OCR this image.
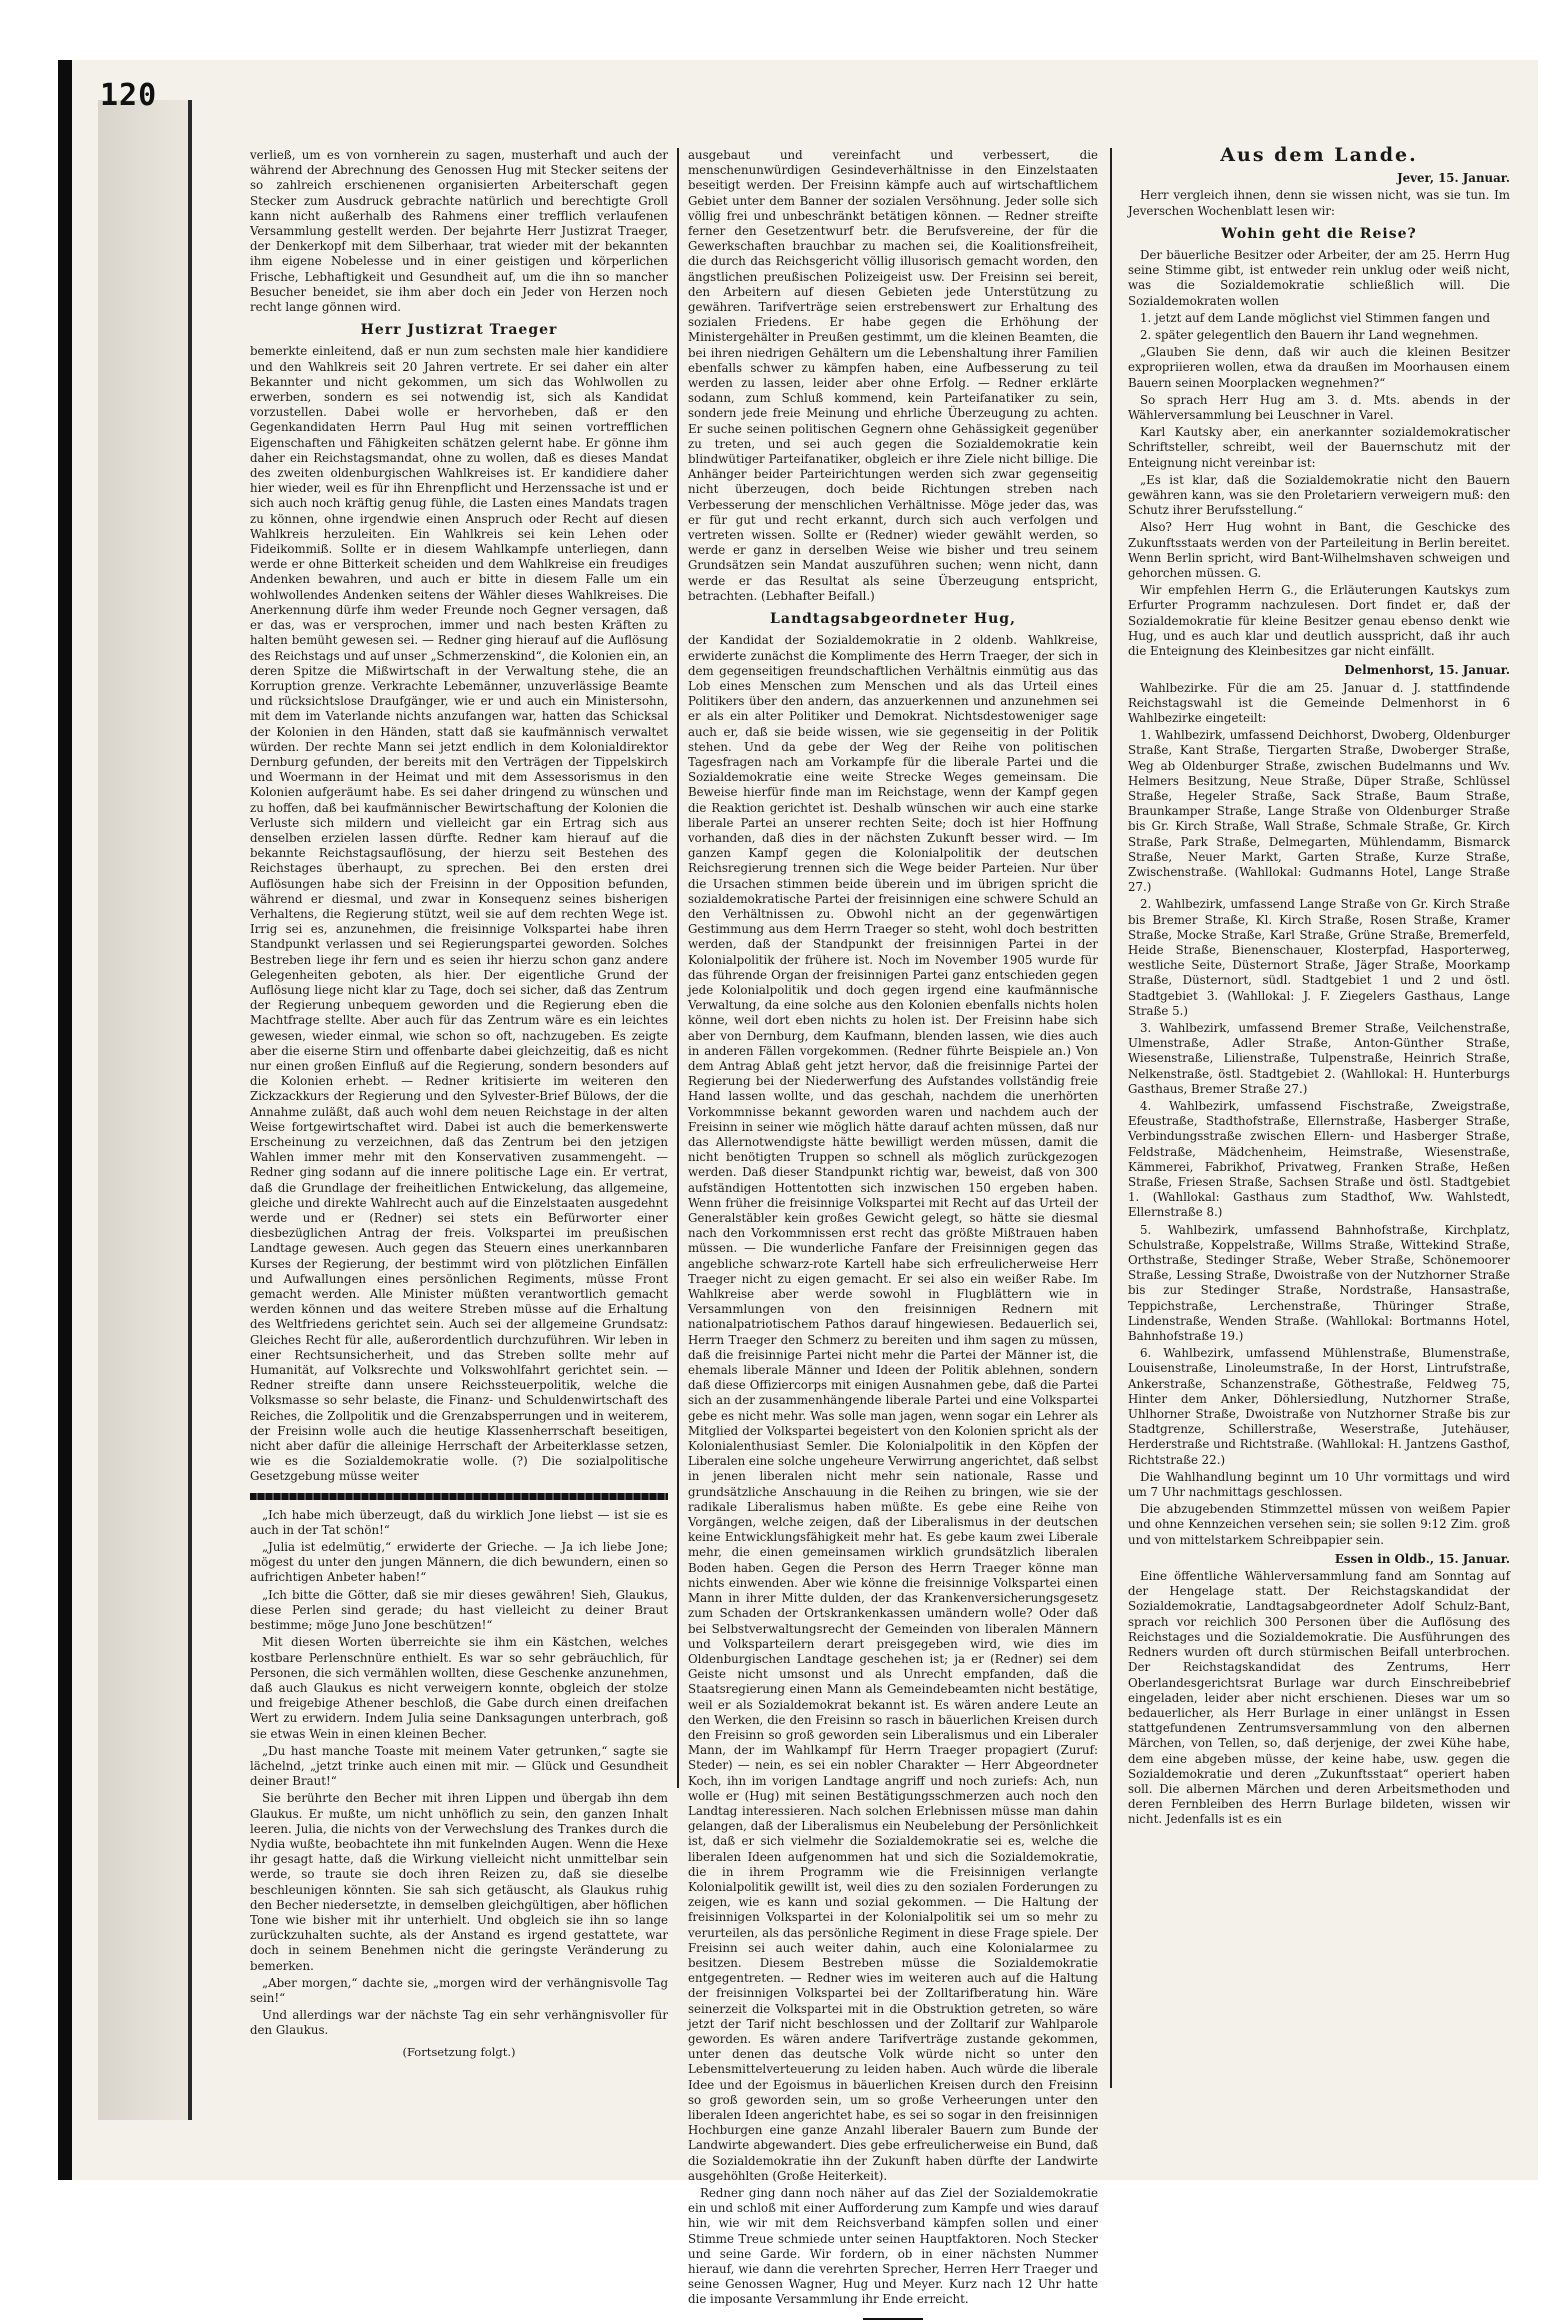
120

verließ, um es von vornherein zu sagen, musterhaft und auch der während der Abrechnung des Genossen Hug mit Stecker seitens der so zahlreich erschienenen organisierten Arbeiterschaft gegen Stecker zum Ausdruck gebrachte natürlich und berechtigte Groll kann nicht außerhalb des Rahmens einer trefflich verlaufenen Versammlung gestellt werden. Der bejahrte Herr Justizrat Traeger, der Denkerkopf mit dem Silberhaar, trat wieder mit der bekannten ihm eigene Nobelesse und in einer geistigen und körperlichen Frische, Lebhaftigkeit und Gesundheit auf, um die ihn so mancher Besucher beneidet, sie ihm aber doch ein Jeder von Herzen noch recht lange gönnen wird.

Herr Justizrat Traeger

bemerkte einleitend, daß er nun zum sechsten male hier kandidiere und den Wahlkreis seit 20 Jahren vertrete. Er sei daher ein alter Bekannter und nicht gekommen, um sich das Wohlwollen zu erwerben, sondern es sei notwendig ist, sich als Kandidat vorzustellen. Dabei wolle er hervorheben, daß er den Gegenkandidaten Herrn Paul Hug mit seinen vortrefflichen Eigenschaften und Fähigkeiten schätzen gelernt habe. Er gönne ihm daher ein Reichstagsmandat, ohne zu wollen, daß es dieses Mandat des zweiten oldenburgischen Wahlkreises ist. Er kandidiere daher hier wieder, weil es für ihn Ehrenpflicht und Herzenssache ist und er sich auch noch kräftig genug fühle, die Lasten eines Mandats tragen zu können, ohne irgendwie einen Anspruch oder Recht auf diesen Wahlkreis herzuleiten. Ein Wahlkreis sei kein Lehen oder Fideikommiß. Sollte er in diesem Wahlkampfe unterliegen, dann werde er ohne Bitterkeit scheiden und dem Wahlkreise ein freudiges Andenken bewahren, und auch er bitte in diesem Falle um ein wohlwollendes Andenken seitens der Wähler dieses Wahlkreises. Die Anerkennung dürfe ihm weder Freunde noch Gegner versagen, daß er das, was er versprochen, immer und nach besten Kräften zu halten bemüht gewesen sei. — Redner ging hierauf auf die Auflösung des Reichstags und auf unser „Schmerzenskind“, die Kolonien ein, an deren Spitze die Mißwirtschaft in der Verwaltung stehe, die an Korruption grenze. Verkrachte Lebemänner, unzuverlässige Beamte und rücksichtslose Draufgänger, wie er und auch ein Ministersohn, mit dem im Vaterlande nichts anzufangen war, hatten das Schicksal der Kolonien in den Händen, statt daß sie kaufmännisch verwaltet würden. Der rechte Mann sei jetzt endlich in dem Kolonialdirektor Dernburg gefunden, der bereits mit den Verträgen der Tippelskirch und Woermann in der Heimat und mit dem Assessorismus in den Kolonien aufgeräumt habe. Es sei daher dringend zu wünschen und zu hoffen, daß bei kaufmännischer Bewirtschaftung der Kolonien die Verluste sich mildern und vielleicht gar ein Ertrag sich aus denselben erzielen lassen dürfte. Redner kam hierauf auf die bekannte Reichstagsauflösung, der hierzu seit Bestehen des Reichstages überhaupt, zu sprechen. Bei den ersten drei Auflösungen habe sich der Freisinn in der Opposition befunden, während er diesmal, und zwar in Konsequenz seines bisherigen Verhaltens, die Regierung stützt, weil sie auf dem rechten Wege ist. Irrig sei es, anzunehmen, die freisinnige Volkspartei habe ihren Standpunkt verlassen und sei Regierungspartei geworden. Solches Bestreben liege ihr fern und es seien ihr hierzu schon ganz andere Gelegenheiten geboten, als hier. Der eigentliche Grund der Auflösung liege nicht klar zu Tage, doch sei sicher, daß das Zentrum der Regierung unbequem geworden und die Regierung eben die Machtfrage stellte. Aber auch für das Zentrum wäre es ein leichtes gewesen, wieder einmal, wie schon so oft, nachzugeben. Es zeigte aber die eiserne Stirn und offenbarte dabei gleichzeitig, daß es nicht nur einen großen Einfluß auf die Regierung, sondern besonders auf die Kolonien erhebt. — Redner kritisierte im weiteren den Zickzackkurs der Regierung und den Sylvester-Brief Bülows, der die Annahme zuläßt, daß auch wohl dem neuen Reichstage in der alten Weise fortgewirtschaftet wird. Dabei ist auch die bemerkenswerte Erscheinung zu verzeichnen, daß das Zentrum bei den jetzigen Wahlen immer mehr mit den Konservativen zusammengeht. — Redner ging sodann auf die innere politische Lage ein. Er vertrat, daß die Grundlage der freiheitlichen Entwickelung, das allgemeine, gleiche und direkte Wahlrecht auch auf die Einzelstaaten ausgedehnt werde und er (Redner) sei stets ein Befürworter einer diesbezüglichen Antrag der freis. Volkspartei im preußischen Landtage gewesen. Auch gegen das Steuern eines unerkannbaren Kurses der Regierung, der bestimmt wird von plötzlichen Einfällen und Aufwallungen eines persönlichen Regiments, müsse Front gemacht werden. Alle Minister müßten verantwortlich gemacht werden können und das weitere Streben müsse auf die Erhaltung des Weltfriedens gerichtet sein. Auch sei der allgemeine Grundsatz: Gleiches Recht für alle, außerordentlich durchzuführen. Wir leben in einer Rechtsunsicherheit, und das Streben sollte mehr auf Humanität, auf Volksrechte und Volkswohlfahrt gerichtet sein. — Redner streifte dann unsere Reichssteuerpolitik, welche die Volksmasse so sehr belaste, die Finanz- und Schuldenwirtschaft des Reiches, die Zollpolitik und die Grenzabsperrungen und in weiterem, der Freisinn wolle auch die heutige Klassenherrschaft beseitigen, nicht aber dafür die alleinige Herrschaft der Arbeiterklasse setzen, wie es die Sozialdemokratie wolle. (?) Die sozialpolitische Gesetzgebung müsse weiter

„Ich habe mich überzeugt, daß du wirklich Jone liebst — ist sie es auch in der Tat schön!“

„Julia ist edelmütig,“ erwiderte der Grieche. — Ja ich liebe Jone; mögest du unter den jungen Männern, die dich bewundern, einen so aufrichtigen Anbeter haben!“

„Ich bitte die Götter, daß sie mir dieses gewähren! Sieh, Glaukus, diese Perlen sind gerade; du hast vielleicht zu deiner Braut bestimme; möge Juno Jone beschützen!“

Mit diesen Worten überreichte sie ihm ein Kästchen, welches kostbare Perlenschnüre enthielt. Es war so sehr gebräuchlich, für Personen, die sich vermählen wollten, diese Geschenke anzunehmen, daß auch Glaukus es nicht verweigern konnte, obgleich der stolze und freigebige Athener beschloß, die Gabe durch einen dreifachen Wert zu erwidern. Indem Julia seine Danksagungen unterbrach, goß sie etwas Wein in einen kleinen Becher.

„Du hast manche Toaste mit meinem Vater getrunken,“ sagte sie lächelnd, „jetzt trinke auch einen mit mir. — Glück und Gesundheit deiner Braut!“

Sie berührte den Becher mit ihren Lippen und übergab ihn dem Glaukus. Er mußte, um nicht unhöflich zu sein, den ganzen Inhalt leeren. Julia, die nichts von der Verwechslung des Trankes durch die Nydia wußte, beobachtete ihn mit funkelnden Augen. Wenn die Hexe ihr gesagt hatte, daß die Wirkung vielleicht nicht unmittelbar sein werde, so traute sie doch ihren Reizen zu, daß sie dieselbe beschleunigen könnten. Sie sah sich getäuscht, als Glaukus ruhig den Becher niedersetzte, in demselben gleichgültigen, aber höflichen Tone wie bisher mit ihr unterhielt. Und obgleich sie ihn so lange zurückzuhalten suchte, als der Anstand es irgend gestattete, war doch in seinem Benehmen nicht die geringste Veränderung zu bemerken.

„Aber morgen,“ dachte sie, „morgen wird der verhängnisvolle Tag sein!“

Und allerdings war der nächste Tag ein sehr verhängnisvoller für den Glaukus.

(Fortsetzung folgt.)

ausgebaut und vereinfacht und verbessert, die menschenunwürdigen Gesindeverhältnisse in den Einzelstaaten beseitigt werden. Der Freisinn kämpfe auch auf wirtschaftlichem Gebiet unter dem Banner der sozialen Versöhnung. Jeder solle sich völlig frei und unbeschränkt betätigen können. — Redner streifte ferner den Gesetzentwurf betr. die Berufsvereine, der für die Gewerkschaften brauchbar zu machen sei, die Koalitionsfreiheit, die durch das Reichsgericht völlig illusorisch gemacht worden, den ängstlichen preußischen Polizeigeist usw. Der Freisinn sei bereit, den Arbeitern auf diesen Gebieten jede Unterstützung zu gewähren. Tarifverträge seien erstrebenswert zur Erhaltung des sozialen Friedens. Er habe gegen die Erhöhung der Ministergehälter in Preußen gestimmt, um die kleinen Beamten, die bei ihren niedrigen Gehältern um die Lebenshaltung ihrer Familien ebenfalls schwer zu kämpfen haben, eine Aufbesserung zu teil werden zu lassen, leider aber ohne Erfolg. — Redner erklärte sodann, zum Schluß kommend, kein Parteifanatiker zu sein, sondern jede freie Meinung und ehrliche Überzeugung zu achten. Er suche seinen politischen Gegnern ohne Gehässigkeit gegenüber zu treten, und sei auch gegen die Sozialdemokratie kein blindwütiger Parteifanatiker, obgleich er ihre Ziele nicht billige. Die Anhänger beider Parteirichtungen werden sich zwar gegenseitig nicht überzeugen, doch beide Richtungen streben nach Verbesserung der menschlichen Verhältnisse. Möge jeder das, was er für gut und recht erkannt, durch sich auch verfolgen und vertreten wissen. Sollte er (Redner) wieder gewählt werden, so werde er ganz in derselben Weise wie bisher und treu seinem Grundsätzen sein Mandat auszuführen suchen; wenn nicht, dann werde er das Resultat als seine Überzeugung entspricht, betrachten. (Lebhafter Beifall.)

Landtagsabgeordneter Hug,

der Kandidat der Sozialdemokratie in 2 oldenb. Wahlkreise, erwiderte zunächst die Komplimente des Herrn Traeger, der sich in dem gegenseitigen freundschaftlichen Verhältnis einmütig aus das Lob eines Menschen zum Menschen und als das Urteil eines Politikers über den andern, das anzuerkennen und anzunehmen sei er als ein alter Politiker und Demokrat. Nichtsdestoweniger sage auch er, daß sie beide wissen, wie sie gegenseitig in der Politik stehen. Und da gebe der Weg der Reihe von politischen Tagesfragen nach am Vorkampfe für die liberale Partei und die Sozialdemokratie eine weite Strecke Weges gemeinsam. Die Beweise hierfür finde man im Reichstage, wenn der Kampf gegen die Reaktion gerichtet ist. Deshalb wünschen wir auch eine starke liberale Partei an unserer rechten Seite; doch ist hier Hoffnung vorhanden, daß dies in der nächsten Zukunft besser wird. — Im ganzen Kampf gegen die Kolonialpolitik der deutschen Reichsregierung trennen sich die Wege beider Parteien. Nur über die Ursachen stimmen beide überein und im übrigen spricht die sozialdemokratische Partei der freisinnigen eine schwere Schuld an den Verhältnissen zu. Obwohl nicht an der gegenwärtigen Gestimmung aus dem Herrn Traeger so steht, wohl doch bestritten werden, daß der Standpunkt der freisinnigen Partei in der Kolonialpolitik der frühere ist. Noch im November 1905 wurde für das führende Organ der freisinnigen Partei ganz entschieden gegen jede Kolonialpolitik und doch gegen irgend eine kaufmännische Verwaltung, da eine solche aus den Kolonien ebenfalls nichts holen könne, weil dort eben nichts zu holen ist. Der Freisinn habe sich aber von Dernburg, dem Kaufmann, blenden lassen, wie dies auch in anderen Fällen vorgekommen. (Redner führte Beispiele an.) Von dem Antrag Ablaß geht jetzt hervor, daß die freisinnige Partei der Regierung bei der Niederwerfung des Aufstandes vollständig freie Hand lassen wollte, und das geschah, nachdem die unerhörten Vorkommnisse bekannt geworden waren und nachdem auch der Freisinn in seiner wie möglich hätte darauf achten müssen, daß nur das Allernotwendigste hätte bewilligt werden müssen, damit die nicht benötigten Truppen so schnell als möglich zurückgezogen werden. Daß dieser Standpunkt richtig war, beweist, daß von 300 aufständigen Hottentotten sich inzwischen 150 ergeben haben. Wenn früher die freisinnige Volkspartei mit Recht auf das Urteil der Generalstäbler kein großes Gewicht gelegt, so hätte sie diesmal nach den Vorkommnissen erst recht das größte Mißtrauen haben müssen. — Die wunderliche Fanfare der Freisinnigen gegen das angebliche schwarz-rote Kartell habe sich erfreulicherweise Herr Traeger nicht zu eigen gemacht. Er sei also ein weißer Rabe. Im Wahlkreise aber werde sowohl in Flugblättern wie in Versammlungen von den freisinnigen Rednern mit nationalpatriotischem Pathos darauf hingewiesen. Bedauerlich sei, Herrn Traeger den Schmerz zu bereiten und ihm sagen zu müssen, daß die freisinnige Partei nicht mehr die Partei der Männer ist, die ehemals liberale Männer und Ideen der Politik ablehnen, sondern daß diese Offiziercorps mit einigen Ausnahmen gebe, daß die Partei sich an der zusammenhängende liberale Partei und eine Volkspartei gebe es nicht mehr. Was solle man jagen, wenn sogar ein Lehrer als Mitglied der Volkspartei begeistert von den Kolonien spricht als der Kolonialenthusiast Semler. Die Kolonialpolitik in den Köpfen der Liberalen eine solche ungeheure Verwirrung angerichtet, daß selbst in jenen liberalen nicht mehr sein nationale, Rasse und grundsätzliche Anschauung in die Reihen zu bringen, wie sie der radikale Liberalismus haben müßte. Es gebe eine Reihe von Vorgängen, welche zeigen, daß der Liberalismus in der deutschen keine Entwicklungsfähigkeit mehr hat. Es gebe kaum zwei Liberale mehr, die einen gemeinsamen wirklich grundsätzlich liberalen Boden haben. Gegen die Person des Herrn Traeger könne man nichts einwenden. Aber wie könne die freisinnige Volkspartei einen Mann in ihrer Mitte dulden, der das Krankenversicherungsgesetz zum Schaden der Ortskrankenkassen umändern wolle? Oder daß bei Selbstverwaltungsrecht der Gemeinden von liberalen Männern und Volksparteilern derart preisgegeben wird, wie dies im Oldenburgischen Landtage geschehen ist; ja er (Redner) sei dem Geiste nicht umsonst und als Unrecht empfanden, daß die Staatsregierung einen Mann als Gemeindebeamten nicht bestätige, weil er als Sozialdemokrat bekannt ist. Es wären andere Leute an den Werken, die den Freisinn so rasch in bäuerlichen Kreisen durch den Freisinn so groß geworden sein Liberalismus und ein Liberaler Mann, der im Wahlkampf für Herrn Traeger propagiert (Zuruf: Steder) — nein, es sei ein nobler Charakter — Herr Abgeordneter Koch, ihn im vorigen Landtage angriff und noch zuriefs: Ach, nun wolle er (Hug) mit seinen Bestätigungsschmerzen auch noch den Landtag interessieren. Nach solchen Erlebnissen müsse man dahin gelangen, daß der Liberalismus ein Neubelebung der Persönlichkeit ist, daß er sich vielmehr die Sozialdemokratie sei es, welche die liberalen Ideen aufgenommen hat und sich die Sozialdemokratie, die in ihrem Programm wie die Freisinnigen verlangte Kolonialpolitik gewillt ist, weil dies zu den sozialen Forderungen zu zeigen, wie es kann und sozial gekommen. — Die Haltung der freisinnigen Volkspartei in der Kolonialpolitik sei um so mehr zu verurteilen, als das persönliche Regiment in diese Frage spiele. Der Freisinn sei auch weiter dahin, auch eine Kolonialarmee zu besitzen. Diesem Bestreben müsse die Sozialdemokratie entgegentreten. — Redner wies im weiteren auch auf die Haltung der freisinnigen Volkspartei bei der Zolltarifberatung hin. Wäre seinerzeit die Volkspartei mit in die Obstruktion getreten, so wäre jetzt der Tarif nicht beschlossen und der Zolltarif zur Wahlparole geworden. Es wären andere Tarifverträge zustande gekommen, unter denen das deutsche Volk würde nicht so unter den Lebensmittelverteuerung zu leiden haben. Auch würde die liberale Idee und der Egoismus in bäuerlichen Kreisen durch den Freisinn so groß geworden sein, um so große Verheerungen unter den liberalen Ideen angerichtet habe, es sei so sogar in den freisinnigen Hochburgen eine ganze Anzahl liberaler Bauern zum Bunde der Landwirte abgewandert. Dies gebe erfreulicherweise ein Bund, daß die Sozialdemokratie ihn der Zukunft haben dürfte der Landwirte ausgehöhlten (Große Heiterkeit).

Redner ging dann noch näher auf das Ziel der Sozialdemokratie ein und schloß mit einer Aufforderung zum Kampfe und wies darauf hin, wie wir mit dem Reichsverband kämpfen sollen und einer Stimme Treue schmiede unter seinen Hauptfaktoren. Noch Stecker und seine Garde. Wir fordern, ob in einer nächsten Nummer hierauf, wie dann die verehrten Sprecher, Herren Herr Traeger und seine Genossen Wagner, Hug und Meyer. Kurz nach 12 Uhr hatte die imposante Versammlung ihr Ende erreicht.

Aus dem Lande.
Jever, 15. Januar.

Herr vergleich ihnen, denn sie wissen nicht, was sie tun. Im Jeverschen Wochenblatt lesen wir:

Wohin geht die Reise?

Der bäuerliche Besitzer oder Arbeiter, der am 25. Herrn Hug seine Stimme gibt, ist entweder rein unklug oder weiß nicht, was die Sozialdemokratie schließlich will. Die Sozialdemokraten wollen

1. jetzt auf dem Lande möglichst viel Stimmen fangen und

2. später gelegentlich den Bauern ihr Land wegnehmen.

„Glauben Sie denn, daß wir auch die kleinen Besitzer expropriieren wollen, etwa da draußen im Moorhausen einem Bauern seinen Moorplacken wegnehmen?“

So sprach Herr Hug am 3. d. Mts. abends in der Wählerversammlung bei Leuschner in Varel.

Karl Kautsky aber, ein anerkannter sozialdemokratischer Schriftsteller, schreibt, weil der Bauernschutz mit der Enteignung nicht vereinbar ist:

„Es ist klar, daß die Sozialdemokratie nicht den Bauern gewähren kann, was sie den Proletariern verweigern muß: den Schutz ihrer Berufsstellung.“

Also? Herr Hug wohnt in Bant, die Geschicke des Zukunftsstaats werden von der Parteileitung in Berlin bereitet. Wenn Berlin spricht, wird Bant-Wilhelmshaven schweigen und gehorchen müssen. G.

Wir empfehlen Herrn G., die Erläuterungen Kautskys zum Erfurter Programm nachzulesen. Dort findet er, daß der Sozialdemokratie für kleine Besitzer genau ebenso denkt wie Hug, und es auch klar und deutlich ausspricht, daß ihr auch die Enteignung des Kleinbesitzes gar nicht einfällt.

Delmenhorst, 15. Januar.

Wahlbezirke. Für die am 25. Januar d. J. stattfindende Reichstagswahl ist die Gemeinde Delmenhorst in 6 Wahlbezirke eingeteilt:

1. Wahlbezirk, umfassend Deichhorst, Dwoberg, Oldenburger Straße, Kant Straße, Tiergarten Straße, Dwoberger Straße, Weg ab Oldenburger Straße, zwischen Budelmanns und Wv. Helmers Besitzung, Neue Straße, Düper Straße, Schlüssel Straße, Hegeler Straße, Sack Straße, Baum Straße, Braunkamper Straße, Lange Straße von Oldenburger Straße bis Gr. Kirch Straße, Wall Straße, Schmale Straße, Gr. Kirch Straße, Park Straße, Delmegarten, Mühlendamm, Bismarck Straße, Neuer Markt, Garten Straße, Kurze Straße, Zwischenstraße. (Wahllokal: Gudmanns Hotel, Lange Straße 27.)

2. Wahlbezirk, umfassend Lange Straße von Gr. Kirch Straße bis Bremer Straße, Kl. Kirch Straße, Rosen Straße, Kramer Straße, Mocke Straße, Karl Straße, Grüne Straße, Bremerfeld, Heide Straße, Bienenschauer, Klosterpfad, Hasporterweg, westliche Seite, Düsternort Straße, Jäger Straße, Moorkamp Straße, Düsternort, südl. Stadtgebiet 1 und 2 und östl. Stadtgebiet 3. (Wahllokal: J. F. Ziegelers Gasthaus, Lange Straße 5.)

3. Wahlbezirk, umfassend Bremer Straße, Veilchenstraße, Ulmenstraße, Adler Straße, Anton-Günther Straße, Wiesenstraße, Lilienstraße, Tulpenstraße, Heinrich Straße, Nelkenstraße, östl. Stadtgebiet 2. (Wahllokal: H. Hunterburgs Gasthaus, Bremer Straße 27.)

4. Wahlbezirk, umfassend Fischstraße, Zweigstraße, Efeustraße, Stadthofstraße, Ellernstraße, Hasberger Straße, Verbindungsstraße zwischen Ellern- und Hasberger Straße, Feldstraße, Mädchenheim, Heimstraße, Wiesenstraße, Kämmerei, Fabrikhof, Privatweg, Franken Straße, Heßen Straße, Friesen Straße, Sachsen Straße und östl. Stadtgebiet 1. (Wahllokal: Gasthaus zum Stadthof, Ww. Wahlstedt, Ellernstraße 8.)

5. Wahlbezirk, umfassend Bahnhofstraße, Kirchplatz, Schulstraße, Koppelstraße, Willms Straße, Wittekind Straße, Orthstraße, Stedinger Straße, Weber Straße, Schönemoorer Straße, Lessing Straße, Dwoistraße von der Nutzhorner Straße bis zur Stedinger Straße, Nordstraße, Hansastraße, Teppichstraße, Lerchenstraße, Thüringer Straße, Lindenstraße, Wenden Straße. (Wahllokal: Bortmanns Hotel, Bahnhofstraße 19.)

6. Wahlbezirk, umfassend Mühlenstraße, Blumenstraße, Louisenstraße, Linoleumstraße, In der Horst, Lintrufstraße, Ankerstraße, Schanzenstraße, Göthestraße, Feldweg 75, Hinter dem Anker, Döhlersiedlung, Nutzhorner Straße, Uhlhorner Straße, Dwoistraße von Nutzhorner Straße bis zur Stadtgrenze, Schillerstraße, Weserstraße, Jutehäuser, Herderstraße und Richtstraße. (Wahllokal: H. Jantzens Gasthof, Richtstraße 22.)

Die Wahlhandlung beginnt um 10 Uhr vormittags und wird um 7 Uhr nachmittags geschlossen.

Die abzugebenden Stimmzettel müssen von weißem Papier und ohne Kennzeichen versehen sein; sie sollen 9:12 Zim. groß und von mittelstarkem Schreibpapier sein.

Essen in Oldb., 15. Januar.

Eine öffentliche Wählerversammlung fand am Sonntag auf der Hengelage statt. Der Reichstagskandidat der Sozialdemokratie, Landtagsabgeordneter Adolf Schulz-Bant, sprach vor reichlich 300 Personen über die Auflösung des Reichstages und die Sozialdemokratie. Die Ausführungen des Redners wurden oft durch stürmischen Beifall unterbrochen. Der Reichstagskandidat des Zentrums, Herr Oberlandesgerichtsrat Burlage war durch Einschreibebrief eingeladen, leider aber nicht erschienen. Dieses war um so bedauerlicher, als Herr Burlage in einer unlängst in Essen stattgefundenen Zentrumsversammlung von den albernen Märchen, von Tellen, so, daß derjenige, der zwei Kühe habe, dem eine abgeben müsse, der keine habe, usw. gegen die Sozialdemokratie und deren „Zukunftsstaat“ operiert haben soll. Die albernen Märchen und deren Arbeitsmethoden und deren Fernbleiben des Herrn Burlage bildeten, wissen wir nicht. Jedenfalls ist es ein
